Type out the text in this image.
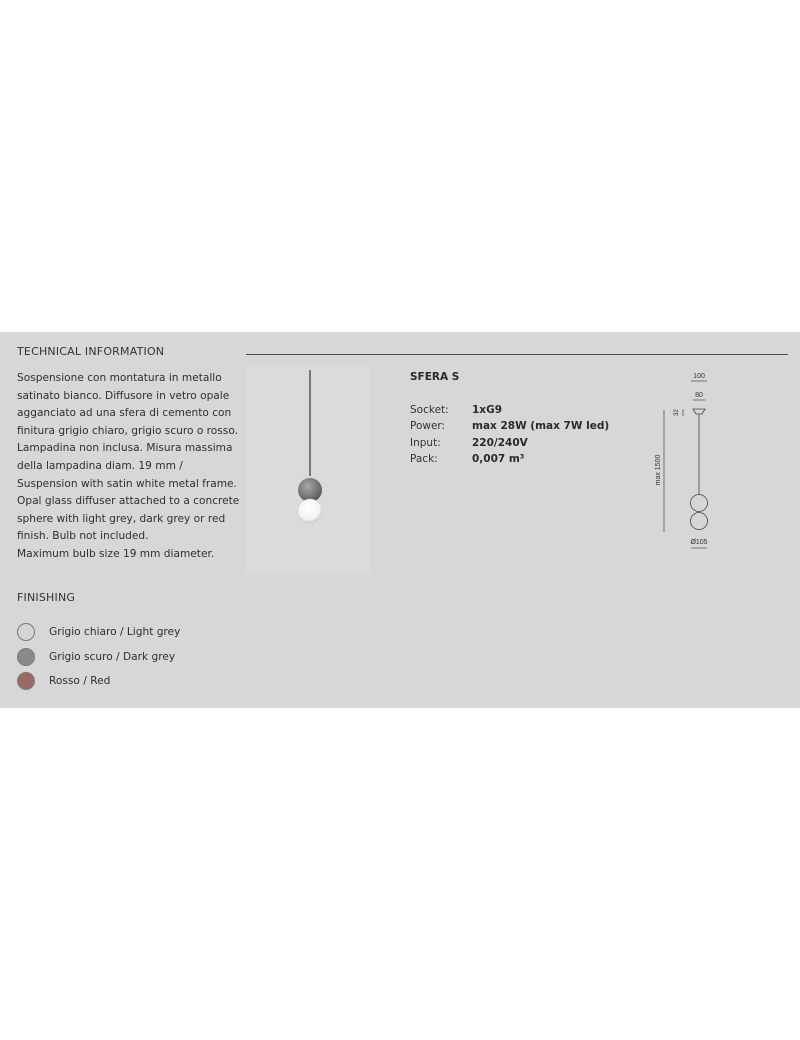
TECHNICAL INFORMATION
Sospensione con montatura in metallo
satinato bianco. Diffusore in vetro opale
agganciato ad una sfera di cemento con
finitura grigio chiaro, grigio scuro o rosso.
Lampadina non inclusa. Misura massima
della lampadina diam. 19 mm /
Suspension with satin white metal frame.
Opal glass diffuser attached to a concrete
sphere with light grey, dark grey or red
finish. Bulb not included.
Maximum bulb size 19 mm diameter.
SFERA S
Socket:	1xG9
Power:	max 28W (max 7W led)
Input:	220/240V
Pack:	0,007 m³
100
80
32
max 1500
Ø105
FINISHING
Grigio chiaro / Light grey
Grigio scuro / Dark grey
Rosso / Red
